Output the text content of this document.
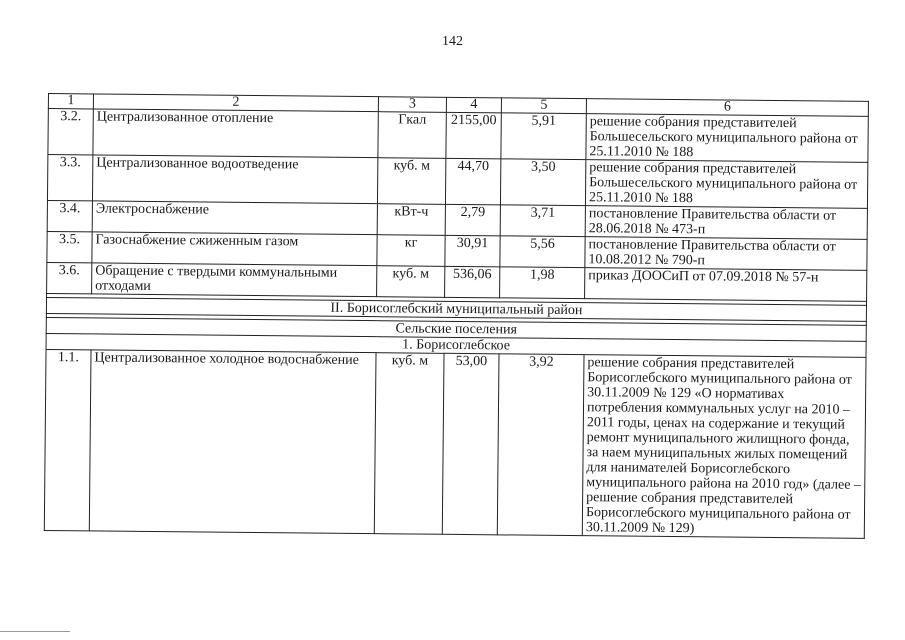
142
1	2	3	4	5	6
3.2.	Централизованное отопление	Гкал	2155,00	5,91	решение собрания представителей Большесельского муниципального района от 25.11.2010 № 188
3.3.	Централизованное водоотведение	куб. м	44,70	3,50	решение собрания представителей Большесельского муниципального района от 25.11.2010 № 188
3.4.	Электроснабжение	кВт-ч	2,79	3,71	постановление Правительства области от 28.06.2018 № 473-п
3.5.	Газоснабжение сжиженным газом	кг	30,91	5,56	постановление Правительства области от 10.08.2012 № 790-п
3.6.	Обращение с твердыми коммунальными отходами	куб. м	536,06	1,98	приказ ДООСиП от 07.09.2018 № 57-н

II. Борисоглебский муниципальный район					

Сельские поселения					
1. Борисоглебское					
1.1.	Централизованное холодное водоснабжение	куб. м	53,00	3,92	решение собрания представителей Борисоглебского муниципального района от 30.11.2009 № 129 «О нормативах потребления коммунальных услуг на 2010 – 2011 годы, ценах на содержание и текущий ремонт муниципального жилищного фонда, за наем муниципальных жилых помещений для нанимателей Борисоглебского муниципального района на 2010 год» (далее – решение собрания представителей Борисоглебского муниципального района от 30.11.2009 № 129)
